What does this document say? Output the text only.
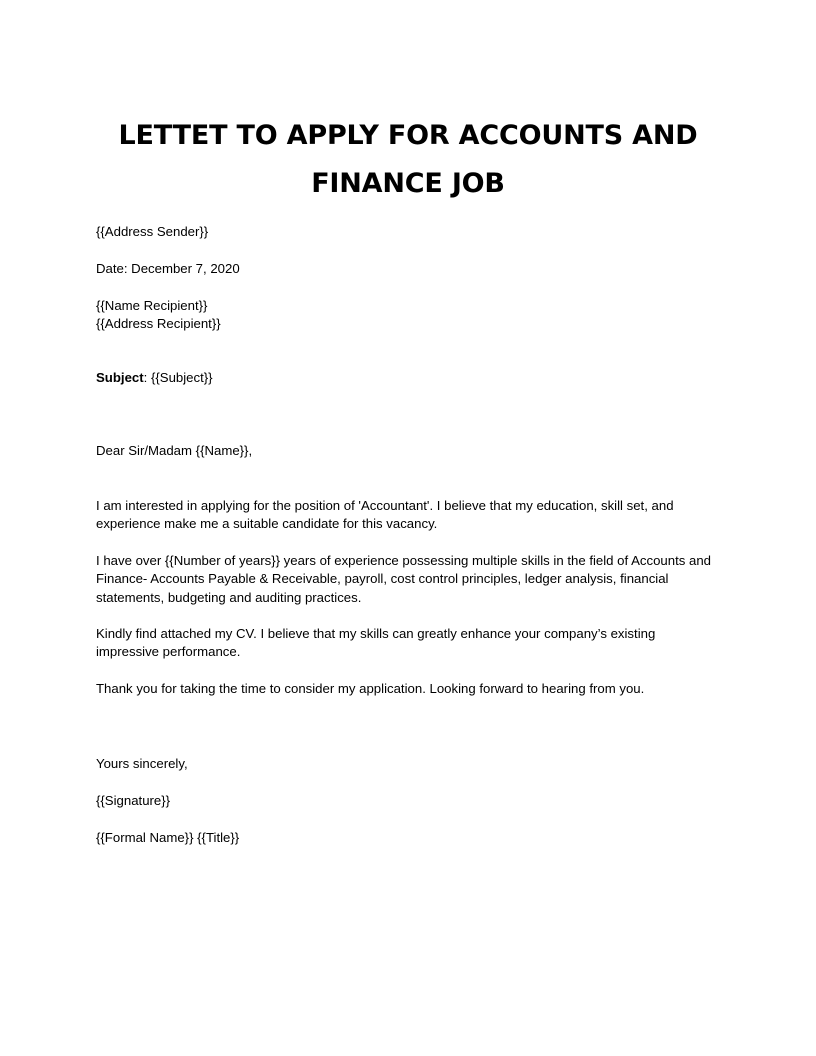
LETTET TO APPLY FOR ACCOUNTS AND
FINANCE JOB

{{Address Sender}}

Date: December 7, 2020

{{Name Recipient}}
{{Address Recipient}}

Subject: {{Subject}}

Dear Sir/Madam {{Name}},

I am interested in applying for the position of 'Accountant'. I believe that my education, skill set, and
experience make me a suitable candidate for this vacancy.
I have over {{Number of years}} years of experience possessing multiple skills in the field of Accounts and
Finance- Accounts Payable & Receivable, payroll, cost control principles, ledger analysis, financial
statements, budgeting and auditing practices.
Kindly find attached my CV. I believe that my skills can greatly enhance your company’s existing
impressive performance.

Thank you for taking the time to consider my application. Looking forward to hearing from you.

Yours sincerely,

{{Signature}}

{{Formal Name}} {{Title}}
